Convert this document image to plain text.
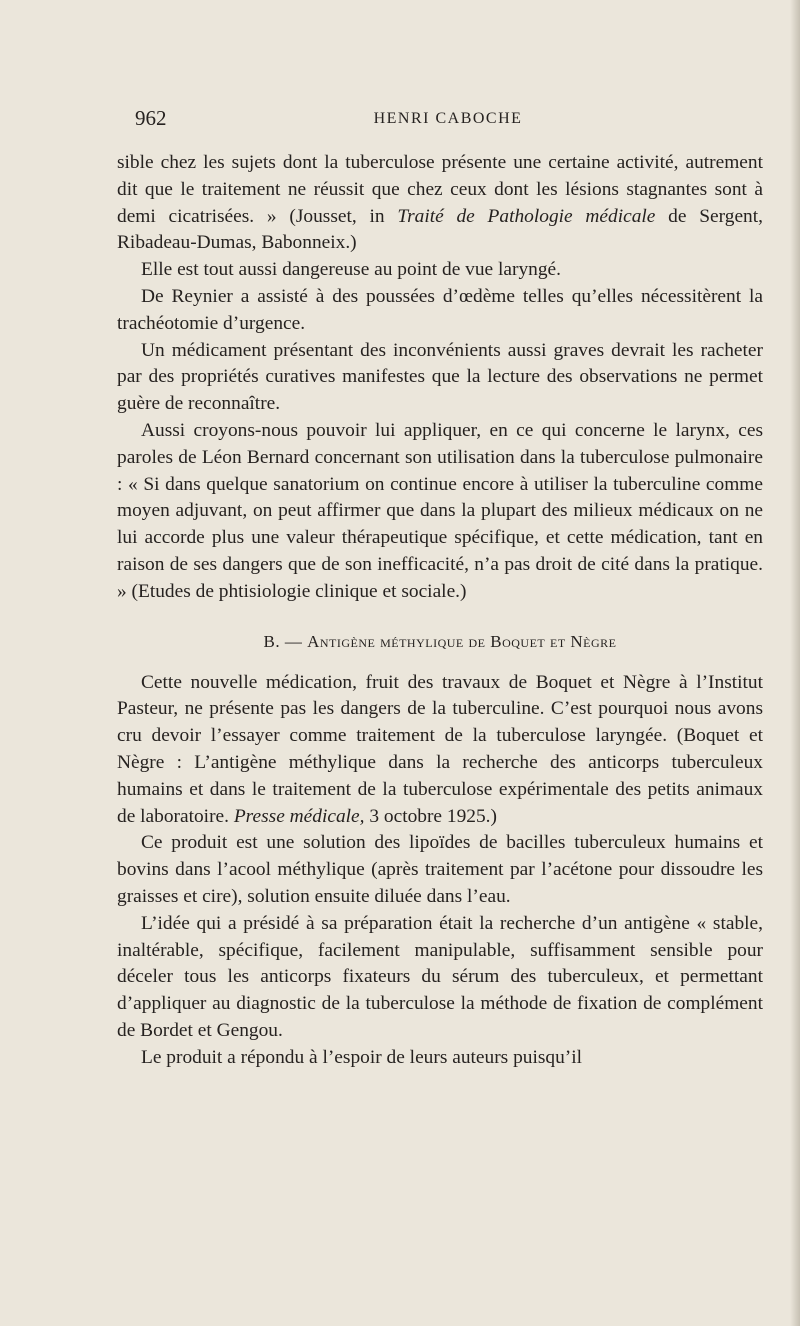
962	HENRI CABOCHE

sible chez les sujets dont la tuberculose présente une certaine activité, autrement dit que le traitement ne réussit que chez ceux dont les lésions stagnantes sont à demi cicatrisées. » (Jousset, in Traité de Pathologie médicale de Sergent, Ribadeau-Dumas, Babonneix.)

Elle est tout aussi dangereuse au point de vue laryngé.

De Reynier a assisté à des poussées d’œdème telles qu’elles nécessitèrent la trachéotomie d’urgence.

Un médicament présentant des inconvénients aussi graves devrait les racheter par des propriétés curatives manifestes que la lecture des observations ne permet guère de reconnaître.

Aussi croyons-nous pouvoir lui appliquer, en ce qui concerne le larynx, ces paroles de Léon Bernard concernant son utilisation dans la tuberculose pulmonaire : « Si dans quelque sanatorium on continue encore à utiliser la tuberculine comme moyen adjuvant, on peut affirmer que dans la plupart des milieux médicaux on ne lui accorde plus une valeur thérapeutique spécifique, et cette médication, tant en raison de ses dangers que de son inefficacité, n’a pas droit de cité dans la pratique. » (Etudes de phtisiologie clinique et sociale.)

B. — Antigène méthylique de Boquet et Nègre

Cette nouvelle médication, fruit des travaux de Boquet et Nègre à l’Institut Pasteur, ne présente pas les dangers de la tuberculine. C’est pourquoi nous avons cru devoir l’essayer comme traitement de la tuberculose laryngée. (Boquet et Nègre : L’antigène méthylique dans la recherche des anticorps tuberculeux humains et dans le traitement de la tuberculose expérimentale des petits animaux de laboratoire. Presse médicale, 3 octobre 1925.)

Ce produit est une solution des lipoïdes de bacilles tuberculeux humains et bovins dans l’acool méthylique (après traitement par l’acétone pour dissoudre les graisses et cire), solution ensuite diluée dans l’eau.

L’idée qui a présidé à sa préparation était la recherche d’un antigène « stable, inaltérable, spécifique, facilement manipulable, suffisamment sensible pour déceler tous les anticorps fixateurs du sérum des tuberculeux, et permettant d’appliquer au diagnostic de la tuberculose la méthode de fixation de complément de Bordet et Gengou.

Le produit a répondu à l’espoir de leurs auteurs puisqu’il
